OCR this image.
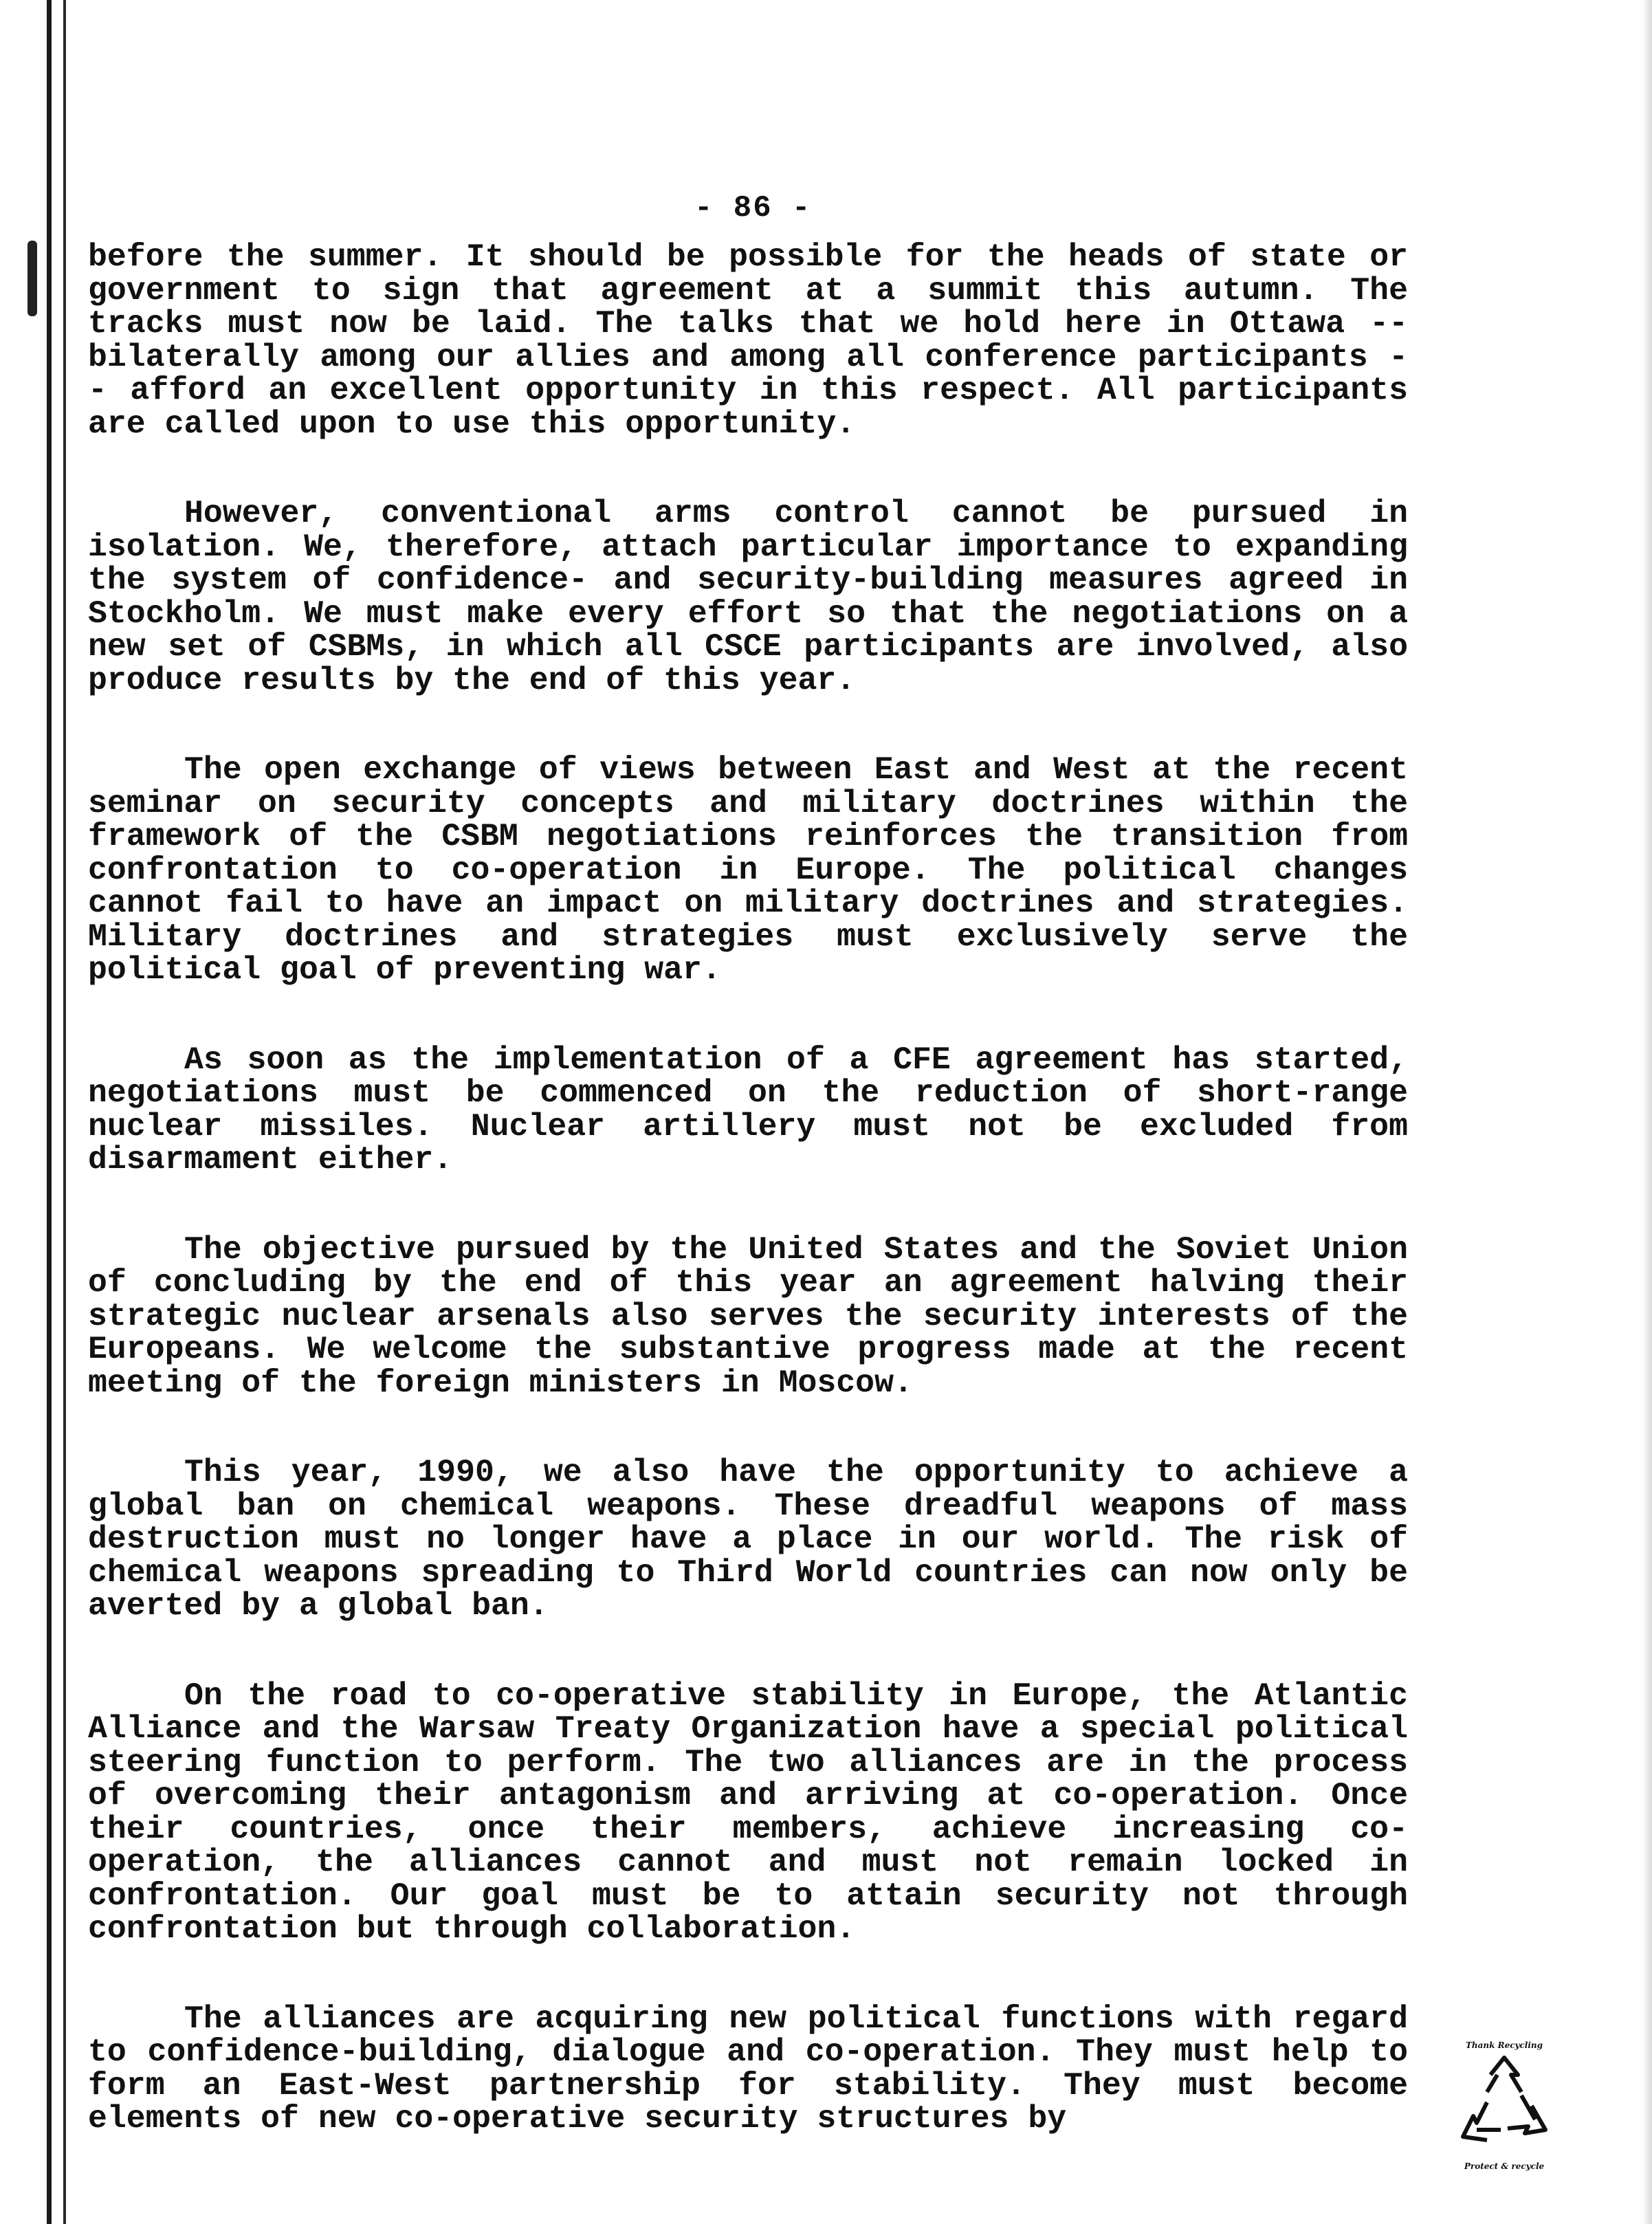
- 86 -

before the summer. It should be possible for the heads of state or government to sign that agreement at a summit this autumn. The tracks must now be laid. The talks that we hold here in Ottawa -- bilaterally among our allies and among all conference participants -- afford an excellent opportunity in this respect. All participants are called upon to use this opportunity.

However, conventional arms control cannot be pursued in isolation. We, therefore, attach particular importance to expanding the system of confidence- and security-building measures agreed in Stockholm. We must make every effort so that the negotiations on a new set of CSBMs, in which all CSCE participants are involved, also produce results by the end of this year.

The open exchange of views between East and West at the recent seminar on security concepts and military doctrines within the framework of the CSBM negotiations reinforces the transition from confrontation to co-operation in Europe. The political changes cannot fail to have an impact on military doctrines and strategies. Military doctrines and strategies must exclusively serve the political goal of preventing war.

As soon as the implementation of a CFE agreement has started, negotiations must be commenced on the reduction of short-range nuclear missiles. Nuclear artillery must not be excluded from disarmament either.

The objective pursued by the United States and the Soviet Union of concluding by the end of this year an agreement halving their strategic nuclear arsenals also serves the security interests of the Europeans. We welcome the substantive progress made at the recent meeting of the foreign ministers in Moscow.

This year, 1990, we also have the opportunity to achieve a global ban on chemical weapons. These dreadful weapons of mass destruction must no longer have a place in our world. The risk of chemical weapons spreading to Third World countries can now only be averted by a global ban.

On the road to co-operative stability in Europe, the Atlantic Alliance and the Warsaw Treaty Organization have a special political steering function to perform. The two alliances are in the process of overcoming their antagonism and arriving at co-operation. Once their countries, once their members, achieve increasing co-operation, the alliances cannot and must not remain locked in confrontation. Our goal must be to attain security not through confrontation but through collaboration.

The alliances are acquiring new political functions with regard to confidence-building, dialogue and co-operation. They must help to form an East-West partnership for stability. They must become elements of new co-operative security structures by

Thank Recycling
Protect & recycle
